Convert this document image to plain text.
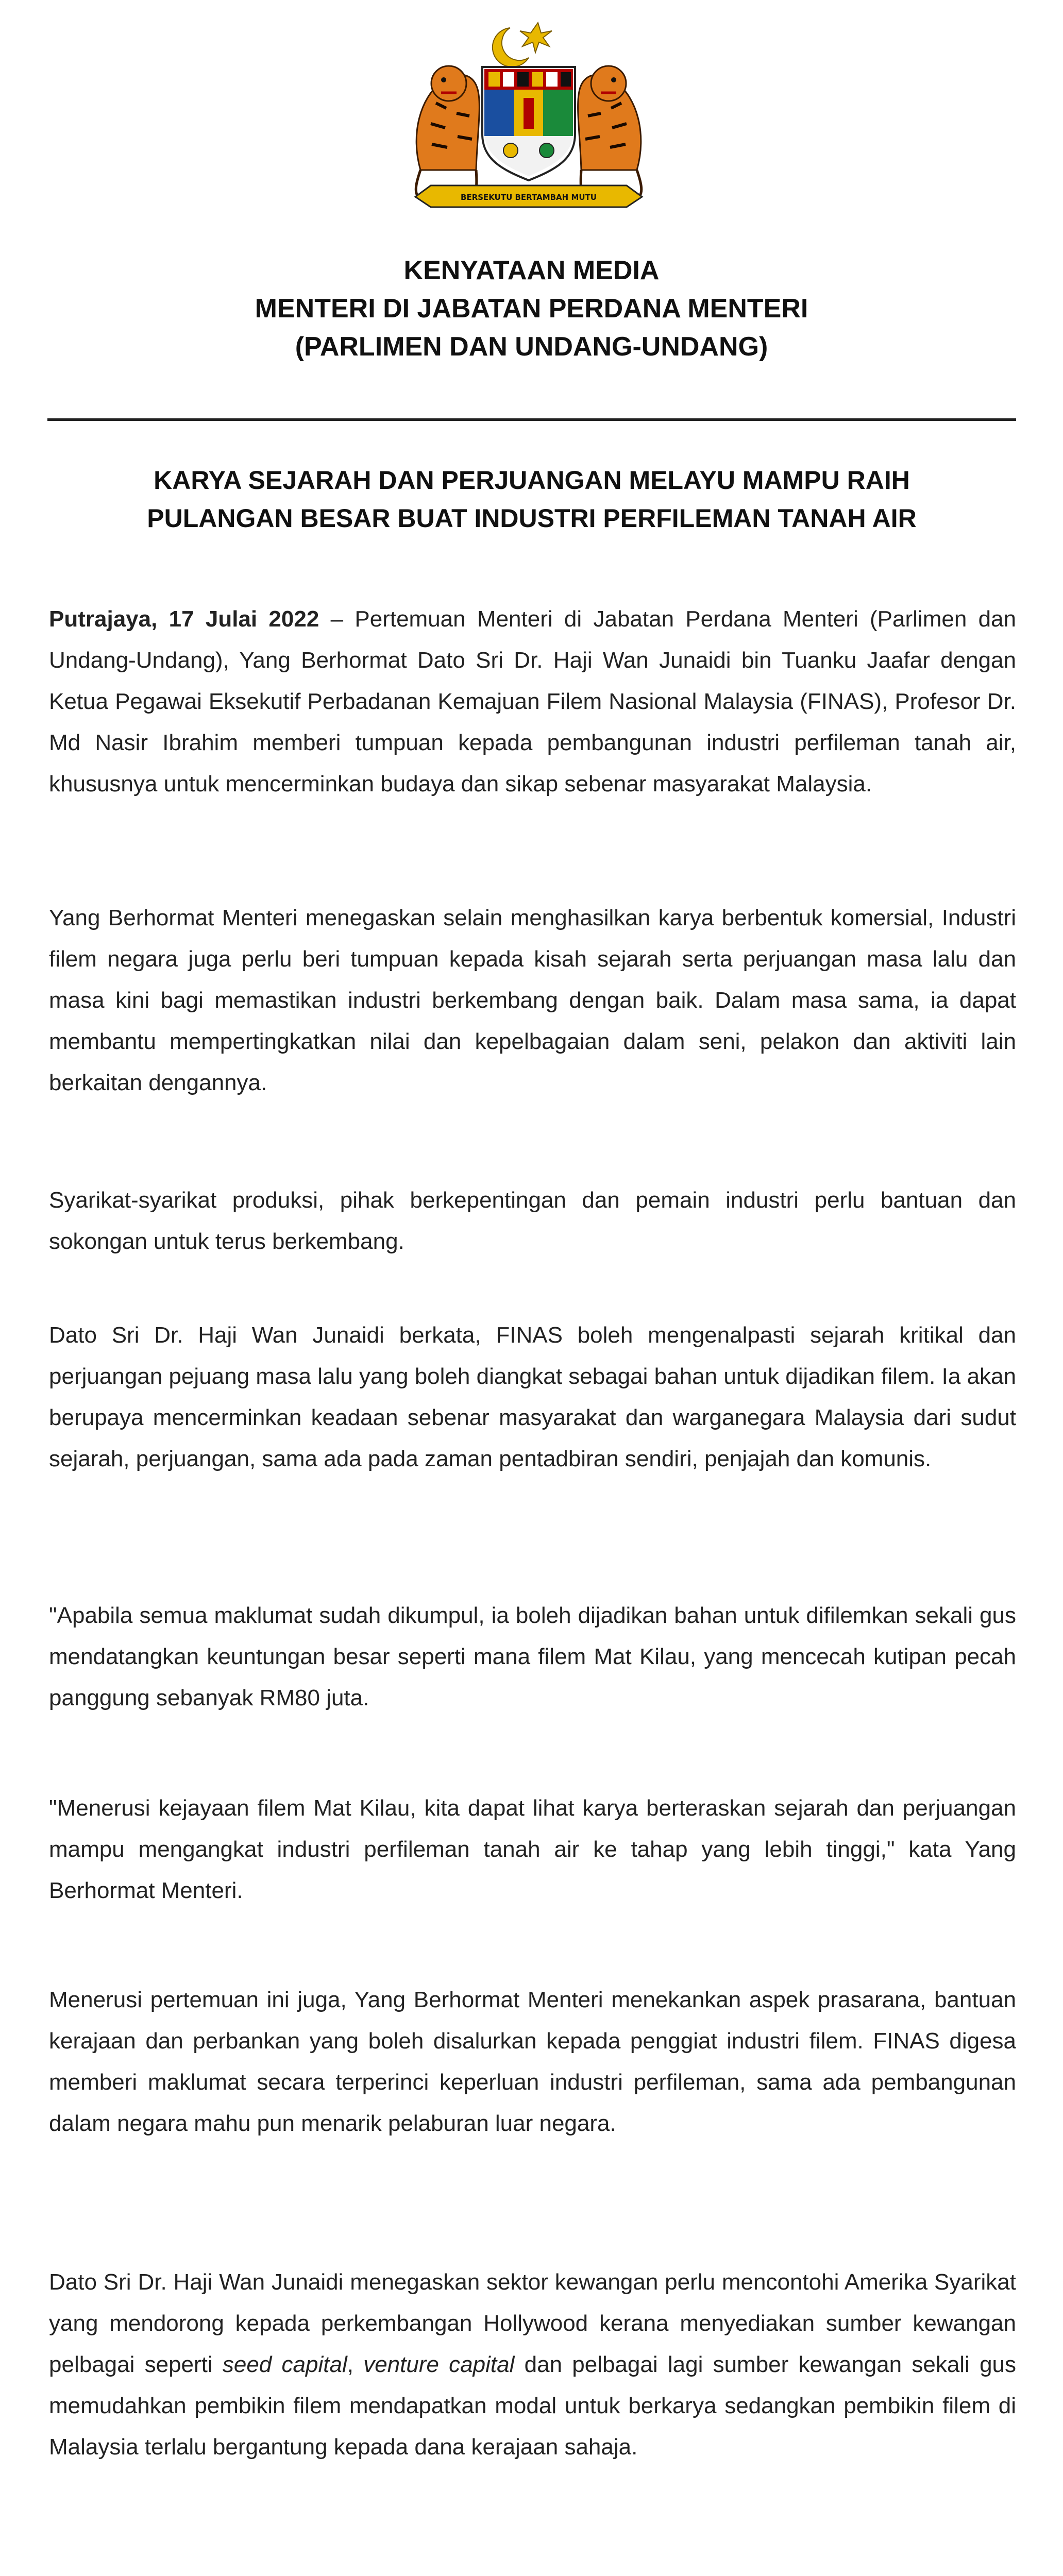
BERSEKUTU BERTAMBAH MUTU
KENYATAAN MEDIA
MENTERI DI JABATAN PERDANA MENTERI
(PARLIMEN DAN UNDANG-UNDANG)
KARYA SEJARAH DAN PERJUANGAN MELAYU MAMPU RAIH
PULANGAN BESAR BUAT INDUSTRI PERFILEMAN TANAH AIR
Putrajaya, 17 Julai 2022 – Pertemuan Menteri di Jabatan Perdana Menteri (Parlimen dan Undang-Undang), Yang Berhormat Dato Sri Dr. Haji Wan Junaidi bin Tuanku Jaafar dengan Ketua Pegawai Eksekutif Perbadanan Kemajuan Filem Nasional Malaysia (FINAS), Profesor Dr. Md Nasir Ibrahim memberi tumpuan kepada pembangunan industri perfileman tanah air, khususnya untuk mencerminkan budaya dan sikap sebenar masyarakat Malaysia.
Yang Berhormat Menteri menegaskan selain menghasilkan karya berbentuk komersial, Industri filem negara juga perlu beri tumpuan kepada kisah sejarah serta perjuangan masa lalu dan masa kini bagi memastikan industri berkembang dengan baik. Dalam masa sama, ia dapat membantu mempertingkatkan nilai dan kepelbagaian dalam seni, pelakon dan aktiviti lain berkaitan dengannya.
Syarikat-syarikat produksi, pihak berkepentingan dan pemain industri perlu bantuan dan sokongan untuk terus berkembang.
Dato Sri Dr. Haji Wan Junaidi berkata, FINAS boleh mengenalpasti sejarah kritikal dan perjuangan pejuang masa lalu yang boleh diangkat sebagai bahan untuk dijadikan filem. Ia akan berupaya mencerminkan keadaan sebenar masyarakat dan warganegara Malaysia dari sudut sejarah, perjuangan, sama ada pada zaman pentadbiran sendiri, penjajah dan komunis.
"Apabila semua maklumat sudah dikumpul, ia boleh dijadikan bahan untuk difilemkan sekali gus mendatangkan keuntungan besar seperti mana filem Mat Kilau, yang mencecah kutipan pecah panggung sebanyak RM80 juta.
"Menerusi kejayaan filem Mat Kilau, kita dapat lihat karya berteraskan sejarah dan perjuangan mampu mengangkat industri perfileman tanah air ke tahap yang lebih tinggi," kata Yang Berhormat Menteri.
Menerusi pertemuan ini juga, Yang Berhormat Menteri menekankan aspek prasarana, bantuan kerajaan dan perbankan yang boleh disalurkan kepada penggiat industri filem. FINAS digesa memberi maklumat secara terperinci keperluan industri perfileman, sama ada pembangunan dalam negara mahu pun menarik pelaburan luar negara.
Dato Sri Dr. Haji Wan Junaidi menegaskan sektor kewangan perlu mencontohi Amerika Syarikat yang mendorong kepada perkembangan Hollywood kerana menyediakan sumber kewangan pelbagai seperti seed capital, venture capital dan pelbagai lagi sumber kewangan sekali gus memudahkan pembikin filem mendapatkan modal untuk berkarya sedangkan pembikin filem di Malaysia terlalu bergantung kepada dana kerajaan sahaja.
